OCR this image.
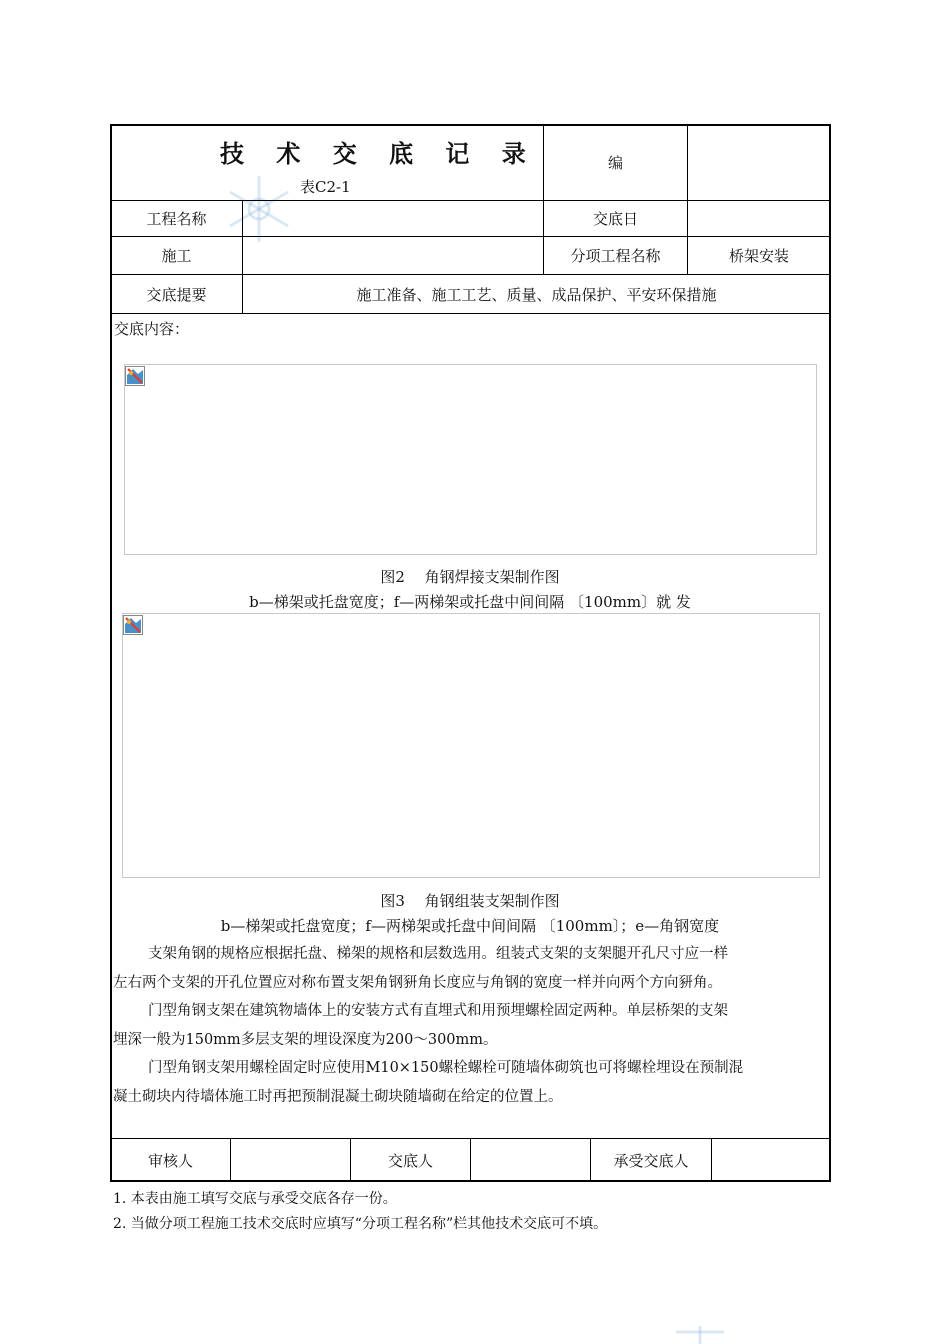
技 术 交 底 记 录
表C2-1
编
工程名称	交底日
施工	分项工程名称	桥架安装
交底提要	施工准备、施工工艺、质量、成品保护、平安环保措施
交底内容：
图2　 角钢焊接支架制作图
b—梯架或托盘宽度；f—两梯架或托盘中间间隔 〔100mm〕就 发
图3　 角钢组装支架制作图
b—梯架或托盘宽度；f—两梯架或托盘中间间隔 〔100mm〕；e—角钢宽度
支架角钢的规格应根据托盘、梯架的规格和层数选用。组装式支架的支架腿开孔尺寸应一样
左右两个支架的开孔位置应对称布置支架角钢豜角长度应与角钢的宽度一样并向两个方向豜角。
门型角钢支架在建筑物墙体上的安装方式有直埋式和用预埋螺栓固定两种。单层桥架的支架
埋深一般为150mm多层支架的埋设深度为200～300mm。
门型角钢支架用螺栓固定时应使用M10×150螺栓螺栓可随墙体砌筑也可将螺栓埋设在预制混
凝土砌块内待墙体施工时再把预制混凝土砌块随墙砌在给定的位置上。
审核人	交底人	承受交底人
1. 本表由施工填写交底与承受交底各存一份。
2. 当做分项工程施工技术交底时应填写“分项工程名称”栏其他技术交底可不填。
